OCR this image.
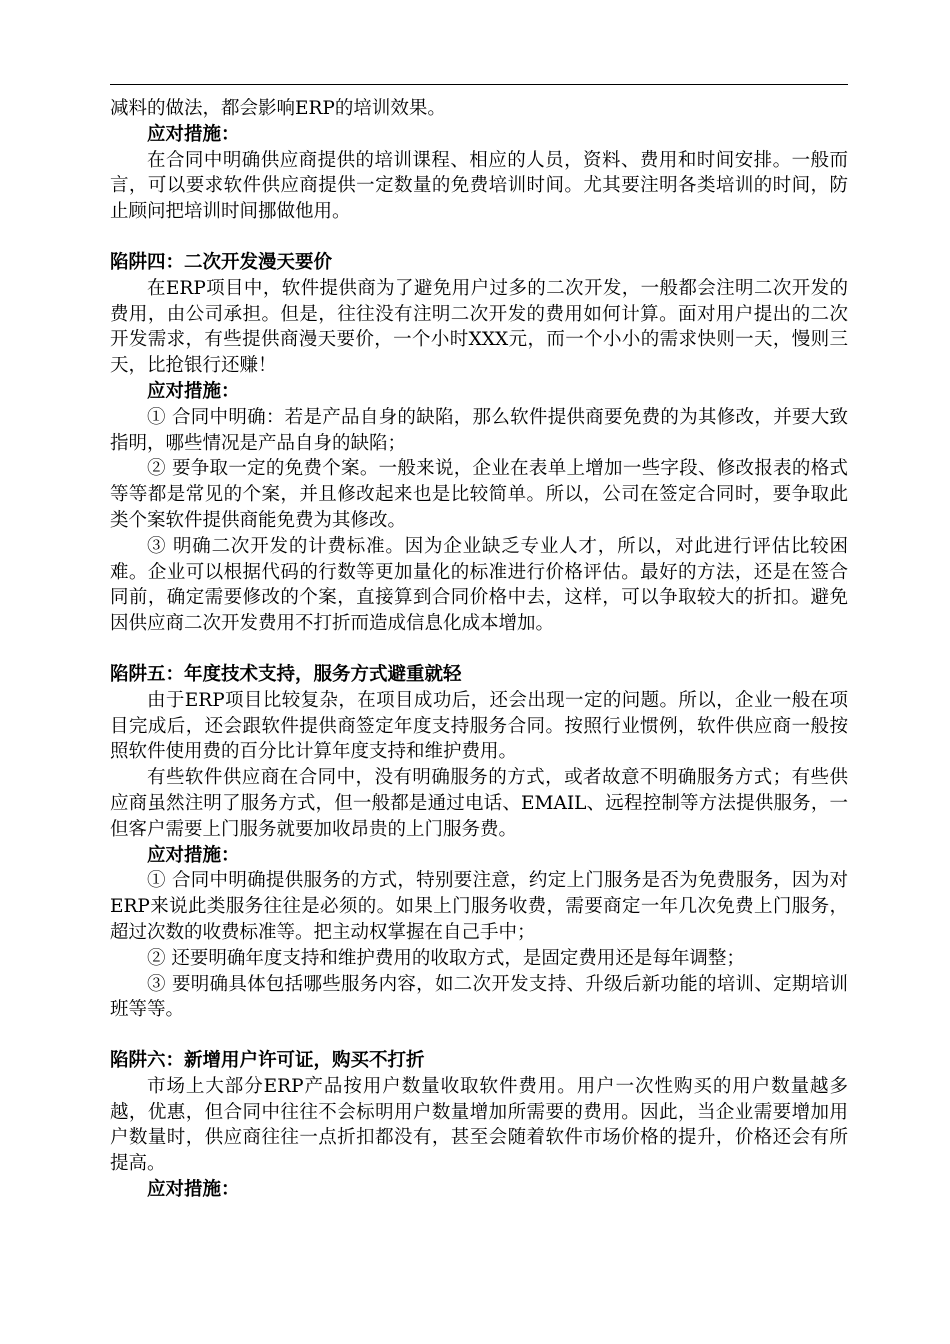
减料的做法，都会影响ERP的培训效果。

应对措施：

在合同中明确供应商提供的培训课程、相应的人员，资料、费用和时间安排。一般而言，可以要求软件供应商提供一定数量的免费培训时间。尤其要注明各类培训的时间，防止顾问把培训时间挪做他用。

陷阱四：二次开发漫天要价

在ERP项目中，软件提供商为了避免用户过多的二次开发，一般都会注明二次开发的费用，由公司承担。但是，往往没有注明二次开发的费用如何计算。面对用户提出的二次开发需求，有些提供商漫天要价，一个小时XXX元，而一个小小的需求快则一天，慢则三天，比抢银行还赚！

应对措施：

① 合同中明确：若是产品自身的缺陷，那么软件提供商要免费的为其修改，并要大致指明，哪些情况是产品自身的缺陷；

② 要争取一定的免费个案。一般来说，企业在表单上增加一些字段、修改报表的格式等等都是常见的个案，并且修改起来也是比较简单。所以，公司在签定合同时，要争取此类个案软件提供商能免费为其修改。

③ 明确二次开发的计费标准。因为企业缺乏专业人才，所以，对此进行评估比较困难。企业可以根据代码的行数等更加量化的标准进行价格评估。最好的方法，还是在签合同前，确定需要修改的个案，直接算到合同价格中去，这样，可以争取较大的折扣。避免因供应商二次开发费用不打折而造成信息化成本增加。

陷阱五：年度技术支持，服务方式避重就轻

由于ERP项目比较复杂，在项目成功后，还会出现一定的问题。所以，企业一般在项目完成后，还会跟软件提供商签定年度支持服务合同。按照行业惯例，软件供应商一般按照软件使用费的百分比计算年度支持和维护费用。

有些软件供应商在合同中，没有明确服务的方式，或者故意不明确服务方式；有些供应商虽然注明了服务方式，但一般都是通过电话、EMAIL、远程控制等方法提供服务，一但客户需要上门服务就要加收昂贵的上门服务费。

应对措施：

① 合同中明确提供服务的方式，特别要注意，约定上门服务是否为免费服务，因为对ERP来说此类服务往往是必须的。如果上门服务收费，需要商定一年几次免费上门服务，超过次数的收费标准等。把主动权掌握在自己手中；

② 还要明确年度支持和维护费用的收取方式，是固定费用还是每年调整；

③ 要明确具体包括哪些服务内容，如二次开发支持、升级后新功能的培训、定期培训班等等。

陷阱六：新增用户许可证，购买不打折

市场上大部分ERP产品按用户数量收取软件费用。用户一次性购买的用户数量越多越，优惠，但合同中往往不会标明用户数量增加所需要的费用。因此，当企业需要增加用户数量时，供应商往往一点折扣都没有，甚至会随着软件市场价格的提升，价格还会有所提高。

应对措施：
